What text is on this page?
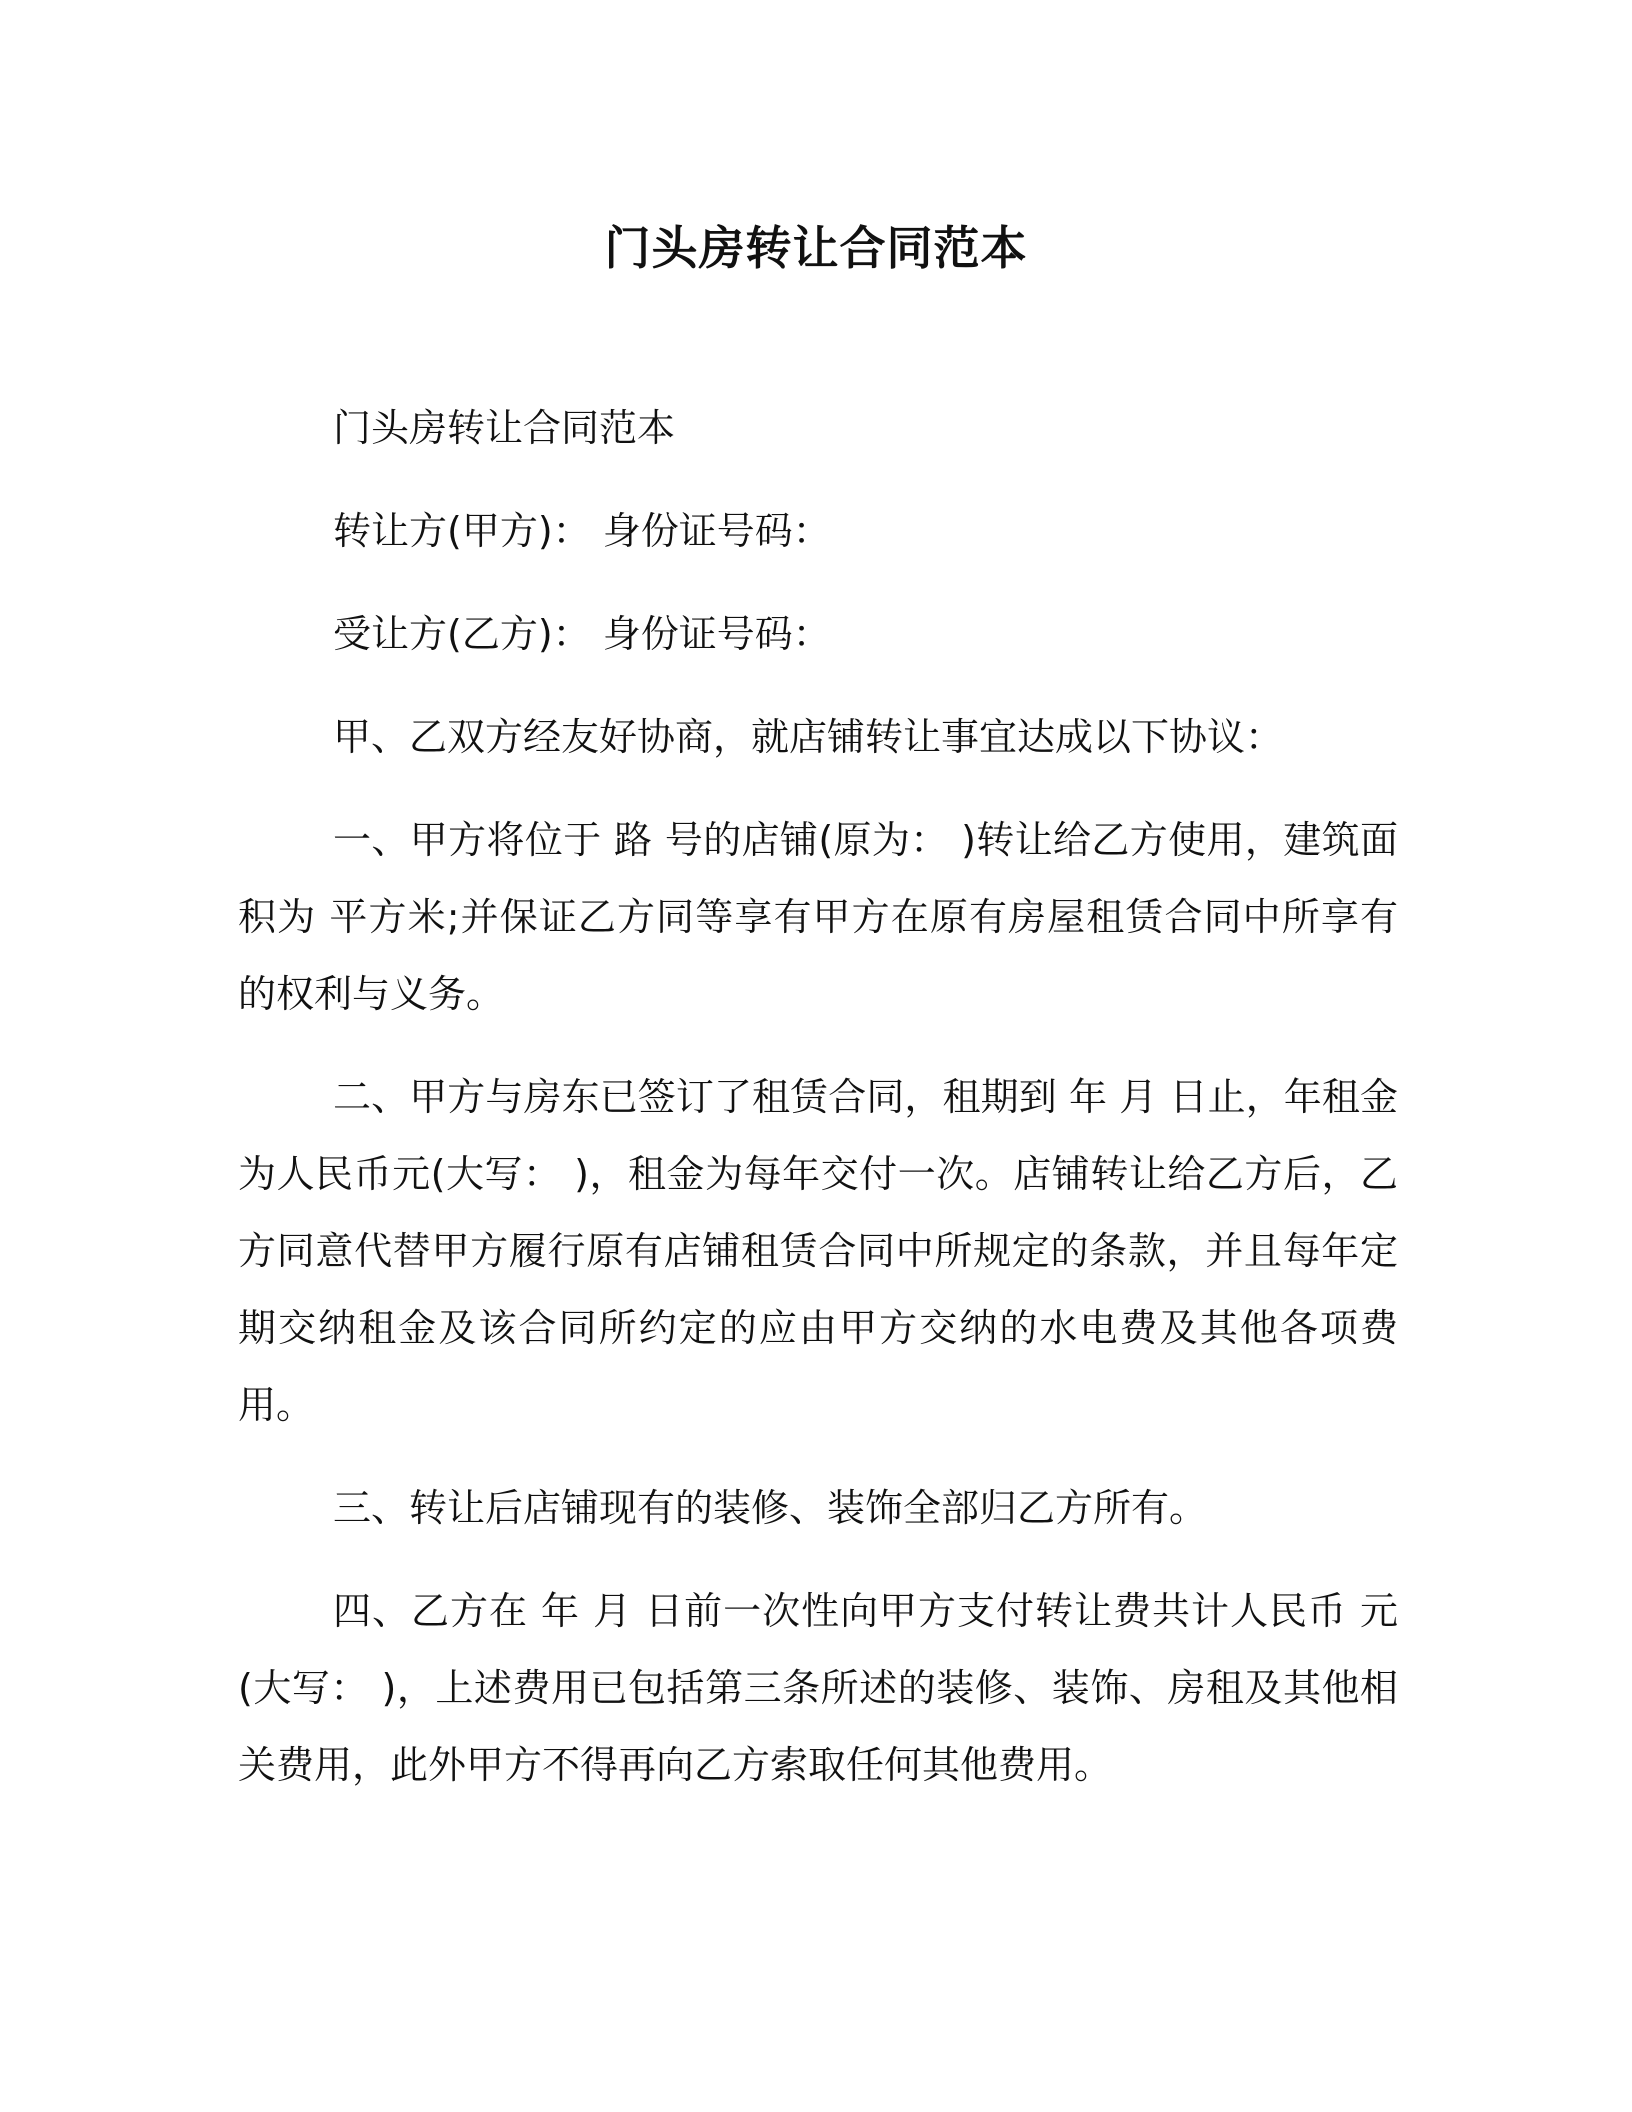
门头房转让合同范本

门头房转让合同范本

转让方(甲方)： 身份证号码：

受让方(乙方)： 身份证号码：

甲、乙双方经友好协商，就店铺转让事宜达成以下协议：

一、甲方将位于 路 号的店铺(原为： )转让给乙方使用，建筑面积为 平方米;并保证乙方同等享有甲方在原有房屋租赁合同中所享有的权利与义务。

二、甲方与房东已签订了租赁合同，租期到 年 月 日止，年租金为人民币元(大写： )，租金为每年交付一次。店铺转让给乙方后，乙方同意代替甲方履行原有店铺租赁合同中所规定的条款，并且每年定期交纳租金及该合同所约定的应由甲方交纳的水电费及其他各项费用。

三、转让后店铺现有的装修、装饰全部归乙方所有。

四、乙方在 年 月 日前一次性向甲方支付转让费共计人民币 元(大写： )，上述费用已包括第三条所述的装修、装饰、房租及其他相关费用，此外甲方不得再向乙方索取任何其他费用。
